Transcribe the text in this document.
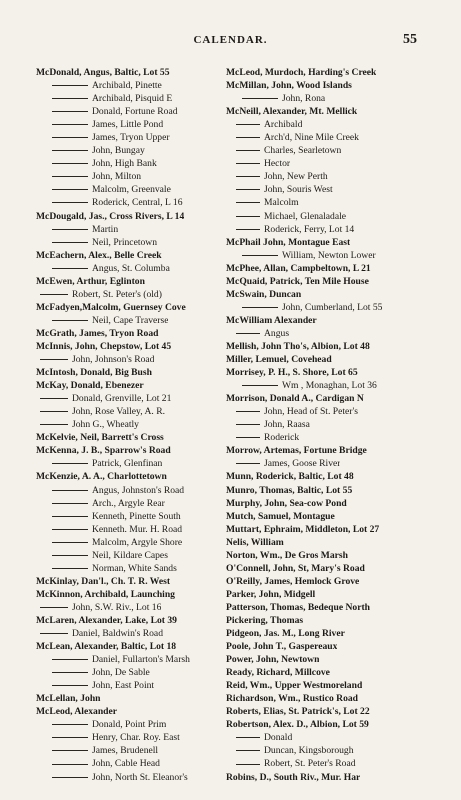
CALENDAR.	55
McDonald, Angus, Baltic, Lot 55
Archibald, Pinette
Archibald, Pisquid E
Donald, Fortune Road
James, Little Pond
James, Tryon Upper
John, Bungay
John, High Bank
John, Milton
Malcolm, Greenvale
Roderick, Central, L 16
McDougald, Jas., Cross Rivers, L 14
Martin
Neil, Princetown
McEachern, Alex., Belle Creek
Angus, St. Columba
McEwen, Arthur, Eglinton
Robert, St. Peter's (old)
McFadyen,Malcolm, Guernsey Cove
Neil, Cape Traverse
McGrath, James, Tryon Road
McInnis, John, Chepstow, Lot 45
John, Johnson's Road
McIntosh, Donald, Big Bush
McKay, Donald, Ebenezer
Donald, Grenville, Lot 21
John, Rose Valley, A. R.
John G., Wheatly
McKelvie, Neil, Barrett's Cross
McKenna, J. B., Sparrow's Road
Patrick, Glenfinan
McKenzie, A. A., Charlottetown
Angus, Johnston's Road
Arch., Argyle Rear
Kenneth, Pinette South
Kenneth. Mur. H. Road
Malcolm, Argyle Shore
Neil, Kildare Capes
Norman, White Sands
McKinlay, Dan'l., Ch. T. R. West
McKinnon, Archibald, Launching
John, S.W. Riv., Lot 16
McLaren, Alexander, Lake, Lot 39
Daniel, Baldwin's Road
McLean, Alexander, Baltic, Lot 18
Daniel, Fullarton's Marsh
John, De Sable
John, East Point
McLellan, John
McLeod, Alexander
Donald, Point Prim
Henry, Char. Roy. East
James, Brudenell
John, Cable Head
John, North St. Eleanor's
McLeod, Murdoch, Harding's Creek
McMillan, John, Wood Islands
John, Rona
McNeill, Alexander, Mt. Mellick
Archibald
Arch'd, Nine Mile Creek
Charles, Searletown
Hector
John, New Perth
John, Souris West
Malcolm
Michael, Glenaladale
Roderick, Ferry, Lot 14
McPhail John, Montague East
William, Newton Lower
McPhee, Allan, Campbeltown, L 21
McQuaid, Patrick, Ten Mile House
McSwain, Duncan
John, Cumberland, Lot 55
McWilliam Alexander
Angus
Mellish, John Tho's, Albion, Lot 48
Miller, Lemuel, Covehead
Morrisey, P. H., S. Shore, Lot 65
Wm , Monaghan, Lot 36
Morrison, Donald A., Cardigan N
John, Head of St. Peter's
John, Raasa
Roderick
Morrow, Artemas, Fortune Bridge
James, Goose River
Munn, Roderick, Baltic, Lot 48
Munro, Thomas, Baltic, Lot 55
Murphy, John, Sea-cow Pond
Mutch, Samuel, Montague
Muttart, Ephraim, Middleton, Lot 27
Nelis, William
Norton, Wm., De Gros Marsh
O'Connell, John, St, Mary's Road
O'Reilly, James, Hemlock Grove
Parker, John, Midgell
Patterson, Thomas, Bedeque North
Pickering, Thomas
Pidgeon, Jas. M., Long River
Poole, John T., Gaspereaux
Power, John, Newtown
Ready, Richard, Millcove
Reid, Wm., Upper Westmoreland
Richardson, Wm., Rustico Road
Roberts, Elias, St. Patrick's, Lot 22
Robertson, Alex. D., Albion, Lot 59
Donald
Duncan, Kingsborough
Robert, St. Peter's Road
Robins, D., South Riv., Mur. Har
